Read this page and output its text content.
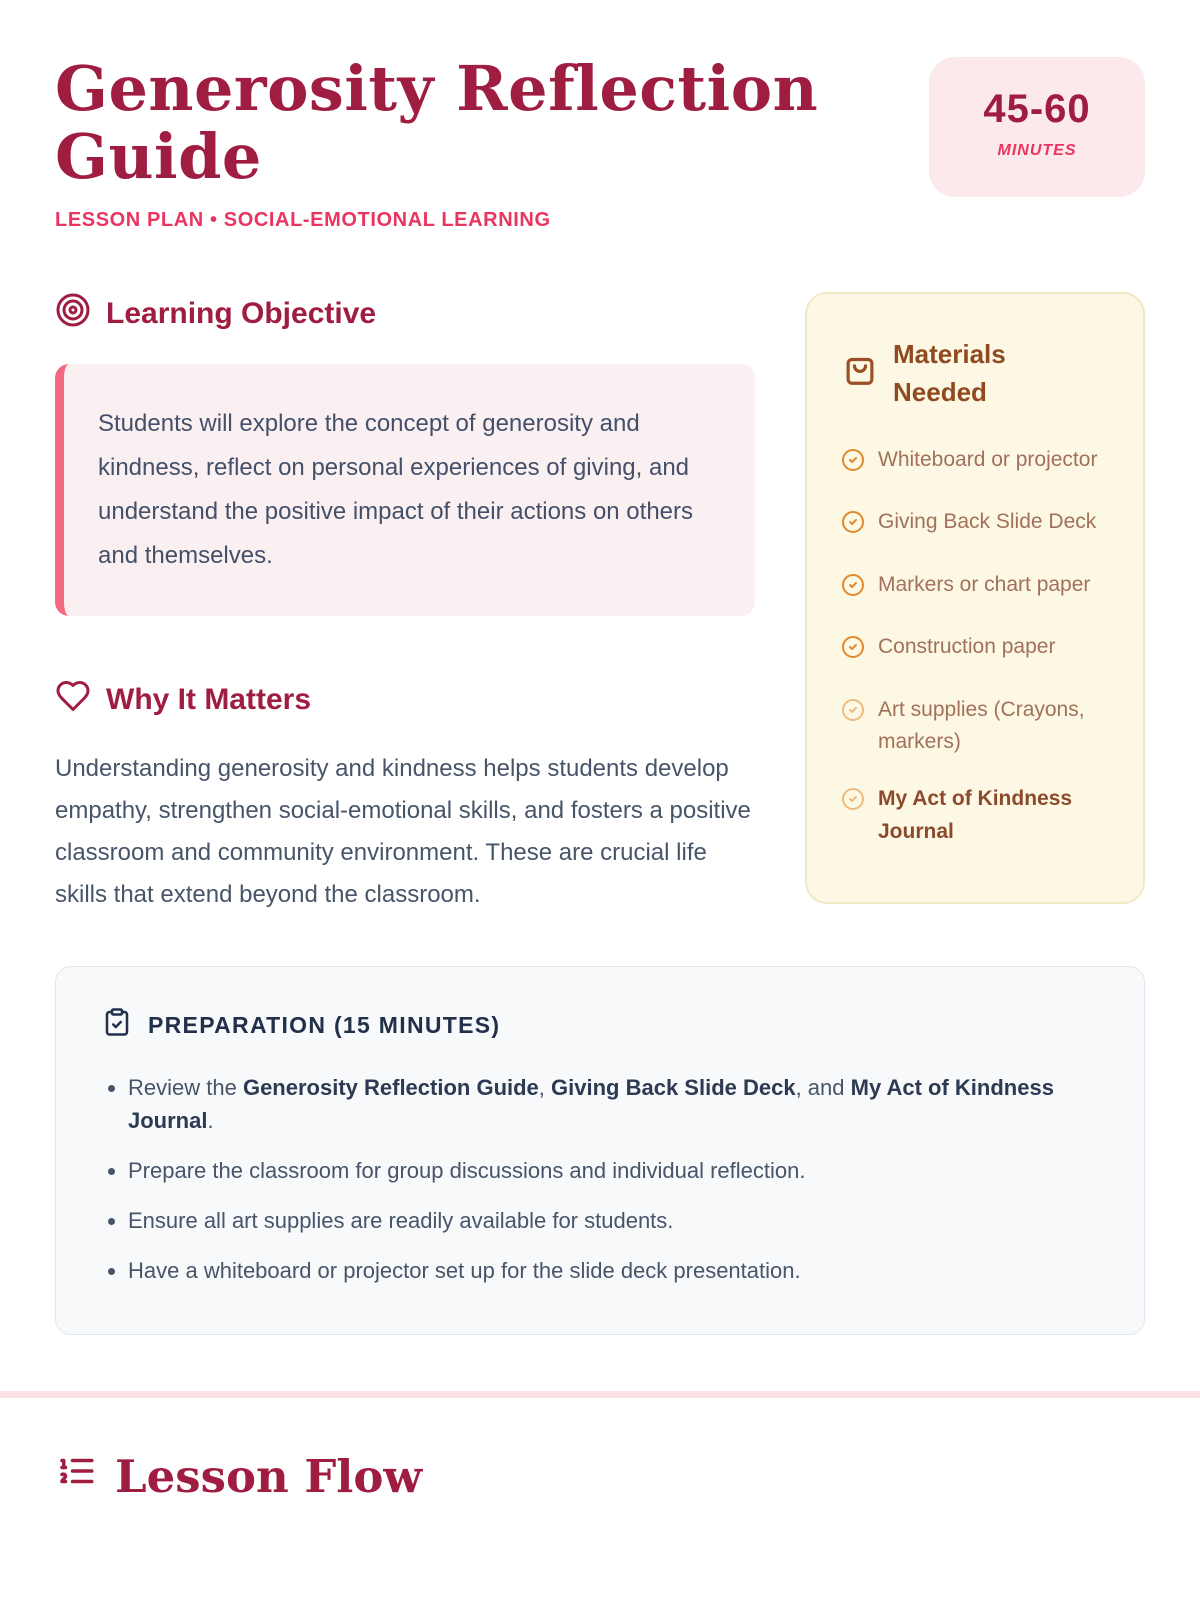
Generosity Reflection Guide

LESSON PLAN • SOCIAL-EMOTIONAL LEARNING

45-60
MINUTES
Learning Objective

Students will explore the concept of generosity and kindness, reflect on personal experiences of giving, and understand the positive impact of their actions on others and themselves.

Why It Matters

Understanding generosity and kindness helps students develop empathy, strengthen social-emotional skills, and fosters a positive classroom and community environment. These are crucial life skills that extend beyond the classroom.

Materials Needed
Whiteboard or projector
Giving Back Slide Deck
Markers or chart paper
Construction paper
Art supplies (Crayons, markers)
My Act of Kindness Journal
PREPARATION (15 MINUTES)
• Review the Generosity Reflection Guide, Giving Back Slide Deck, and My Act of Kindness Journal.
• Prepare the classroom for group discussions and individual reflection.
• Ensure all art supplies are readily available for students.
• Have a whiteboard or projector set up for the slide deck presentation.
Lesson Flow
